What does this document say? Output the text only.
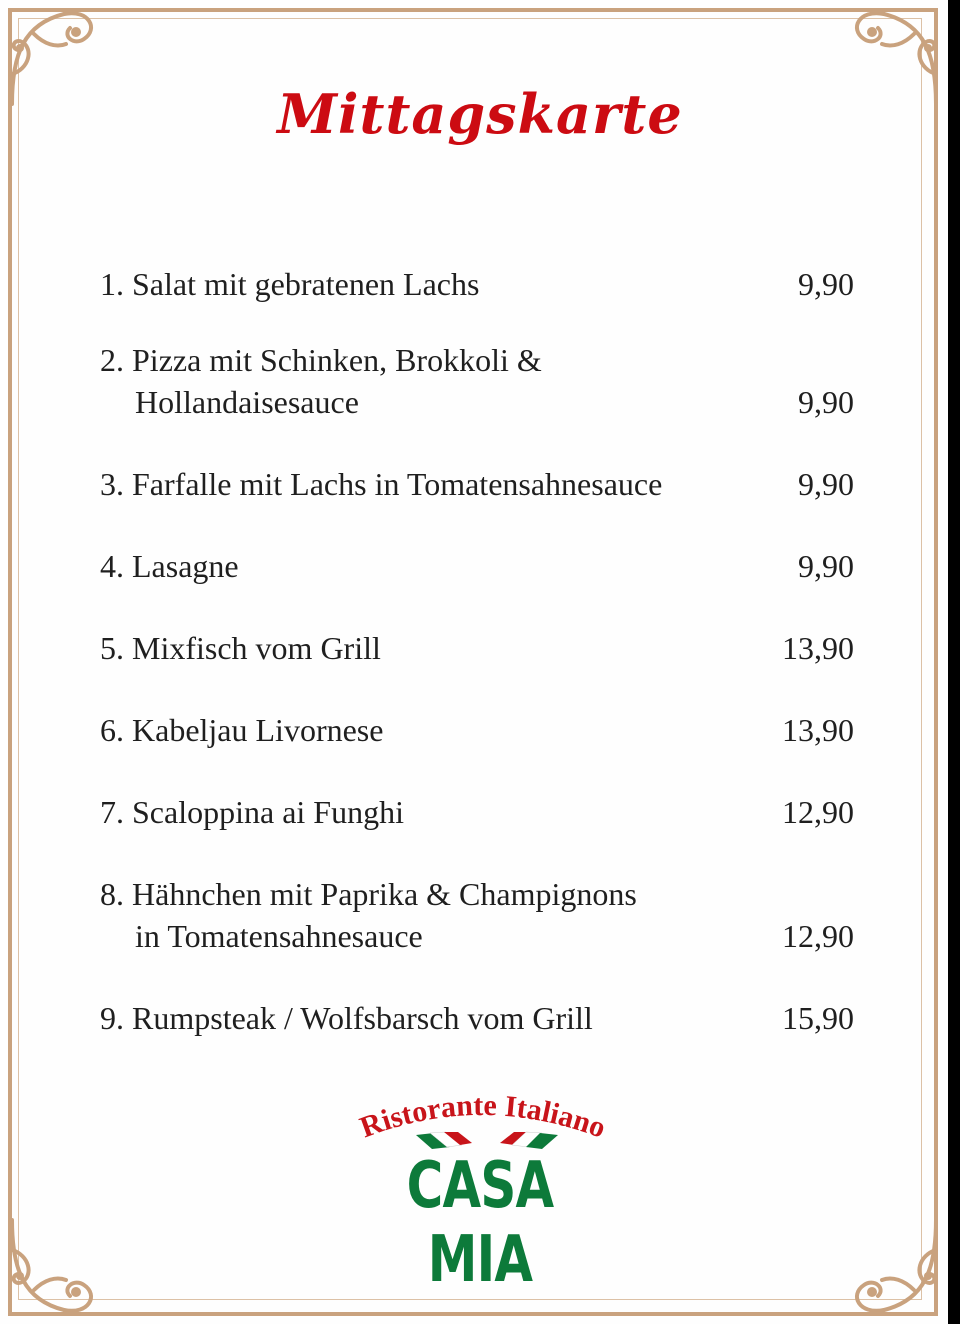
Mittagskarte
1. Salat mit gebratenen Lachs	9,90
2. Pizza mit Schinken, Brokkoli &
Hollandaisesauce	9,90
3. Farfalle mit Lachs in Tomatensahnesauce	9,90
4. Lasagne	9,90
5. Mixfisch vom Grill	13,90
6. Kabeljau Livornese	13,90
7. Scaloppina ai Funghi	12,90
8. Hähnchen mit Paprika & Champignons
in Tomatensahnesauce	12,90
9. Rumpsteak / Wolfsbarsch vom Grill	15,90
Ristorante Italiano
CASA MIA
